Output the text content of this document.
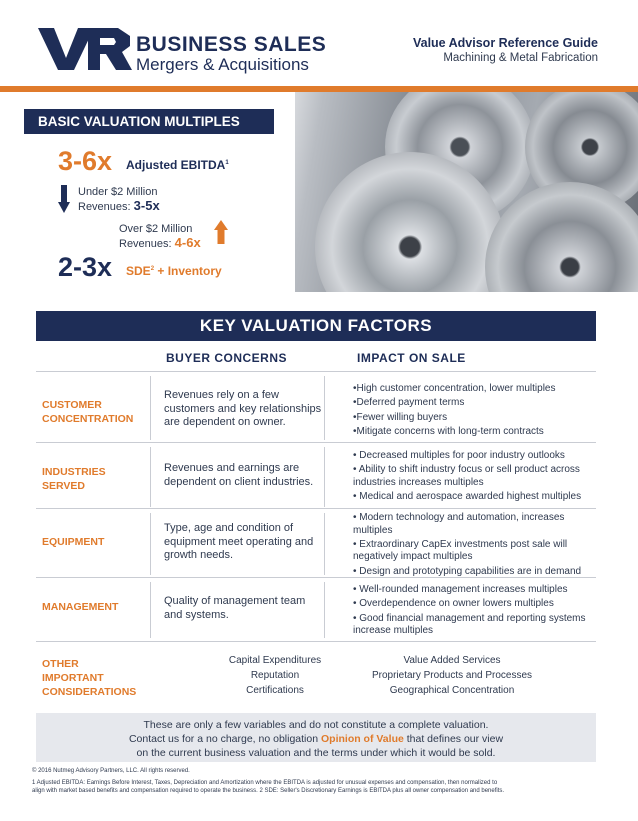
BUSINESS SALES
Mergers & Acquisitions
Value Advisor Reference Guide
Machining & Metal Fabrication
BASIC VALUATION MULTIPLES
3-6x Adjusted EBITDA$^1$
Under $2 Million
Revenues: 3-5x
Over $2 Million
Revenues: 4-6x
2-3x $SDE^2$ + Inventory
KEY VALUATION FACTORS
BUYER CONCERNS	IMPACT ON SALE
CUSTOMER
CONCENTRATION
Revenues rely on a few customers and key relationships are dependent on owner.
•High customer concentration, lower multiples
•Deferred payment terms
•Fewer willing buyers
•Mitigate concerns with long-term contracts
INDUSTRIES
SERVED
Revenues and earnings are dependent on client industries.
• Decreased multiples for poor industry outlooks
• Ability to shift industry focus or sell product across industries increases multiples
• Medical and aerospace awarded highest multiples
EQUIPMENT
Type, age and condition of equipment meet operating and growth needs.
• Modern technology and automation, increases multiples
• Extraordinary CapEx investments post sale will negatively impact multiples
• Design and prototyping capabilities are in demand
MANAGEMENT	Quality of management team and systems.
• Well-rounded management increases multiples
• Overdependence on owner lowers multiples
• Good financial management and reporting systems increase multiples
OTHER
IMPORTANT
CONSIDERATIONS
Capital Expenditures
Reputation
Certifications
Value Added Services
Proprietary Products and Processes
Geographical Concentration
These are only a few variables and do not constitute a complete valuation.
Contact us for a no charge, no obligation Opinion of Value that defines our view
on the current business valuation and the terms under which it would be sold.
© 2016 Nutmeg Advisory Partners, LLC. All rights reserved.
1 Adjusted EBITDA: Earnings Before Interest, Taxes, Depreciation and Amortization where the EBITDA is adjusted for unusual expenses and compensation, then normalized to
align with market based benefits and compensation required to operate the business. 2 SDE: Seller's Discretionary Earnings is EBITDA plus all owner compensation and benefits.
